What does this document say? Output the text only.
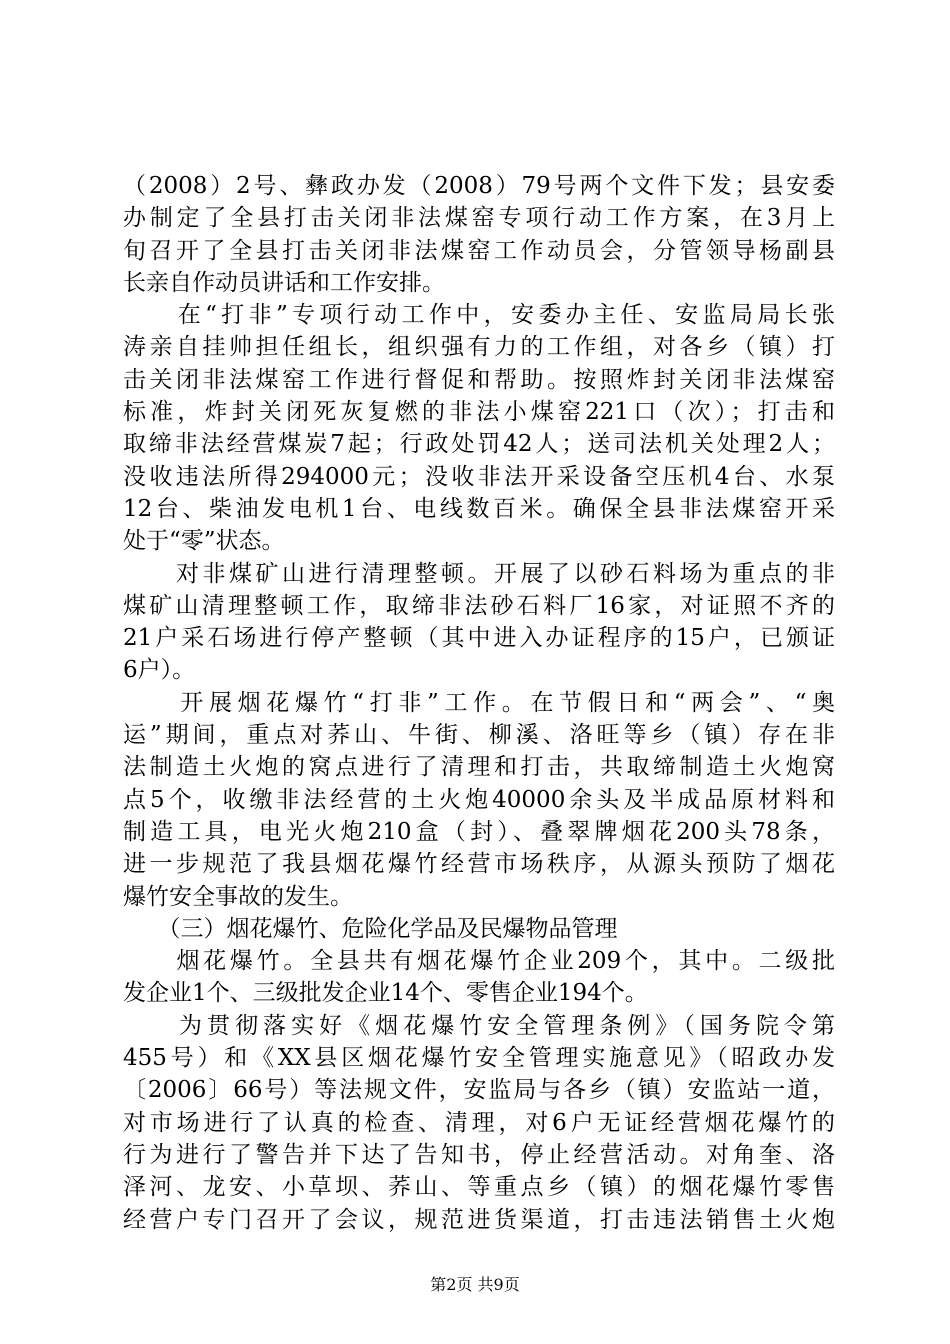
（2008）2号、彝政办发（2008）79号两个文件下发；县安委
办制定了全县打击关闭非法煤窑专项行动工作方案，在3月上
旬召开了全县打击关闭非法煤窑工作动员会，分管领导杨副县
长亲自作动员讲话和工作安排。
　　在“打非”专项行动工作中，安委办主任、安监局局长张
涛亲自挂帅担任组长，组织强有力的工作组，对各乡（镇）打
击关闭非法煤窑工作进行督促和帮助。按照炸封关闭非法煤窑
标准，炸封关闭死灰复燃的非法小煤窑221口（次）；打击和
取缔非法经营煤炭7起；行政处罚42人；送司法机关处理2人；
没收违法所得294000元；没收非法开采设备空压机4台、水泵
12台、柴油发电机1台、电线数百米。确保全县非法煤窑开采
处于“零”状态。
　　对非煤矿山进行清理整顿。开展了以砂石料场为重点的非
煤矿山清理整顿工作，取缔非法砂石料厂16家，对证照不齐的
21户采石场进行停产整顿（其中进入办证程序的15户，已颁证
6户）。
　　开展烟花爆竹“打非”工作。在节假日和“两会”、“奥
运”期间，重点对荞山、牛街、柳溪、洛旺等乡（镇）存在非
法制造土火炮的窝点进行了清理和打击，共取缔制造土火炮窝
点5个，收缴非法经营的土火炮40000余头及半成品原材料和
制造工具，电光火炮210盒（封）、叠翠牌烟花200头78条，
进一步规范了我县烟花爆竹经营市场秩序，从源头预防了烟花
爆竹安全事故的发生。
　　（三）烟花爆竹、危险化学品及民爆物品管理
　　烟花爆竹。全县共有烟花爆竹企业209个，其中。二级批
发企业1个、三级批发企业14个、零售企业194个。
　　为贯彻落实好《烟花爆竹安全管理条例》（国务院令第
455号）和《XX县区烟花爆竹安全管理实施意见》（昭政办发
〔2006〕66号）等法规文件，安监局与各乡（镇）安监站一道，
对市场进行了认真的检查、清理，对6户无证经营烟花爆竹的
行为进行了警告并下达了告知书，停止经营活动。对角奎、洛
泽河、龙安、小草坝、荞山、等重点乡（镇）的烟花爆竹零售
经营户专门召开了会议，规范进货渠道，打击违法销售土火炮
第2页 共9页
